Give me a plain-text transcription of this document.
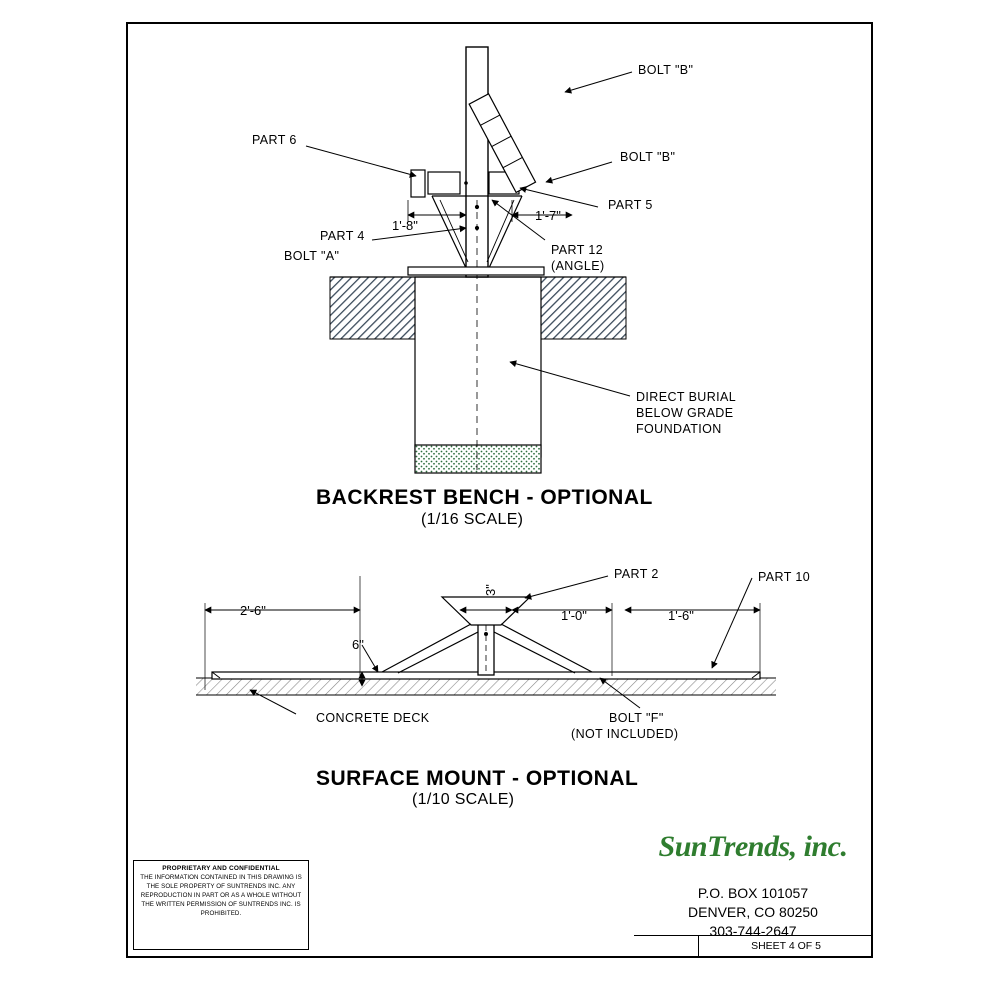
BOLT "B"
BOLT "B"
PART 6
PART 5
PART 4
BOLT "A"	PART 12
(ANGLE)
DIRECT BURIAL
BELOW GRADE
FOUNDATION
1'-8"
1'-7"
BACKREST BENCH - OPTIONAL
(1/16 SCALE)
PART 2	PART 10
CONCRETE DECK	BOLT "F"
(NOT INCLUDED)
2'-6"
3"
6"
1'-0"	1'-6"
SURFACE MOUNT - OPTIONAL
(1/10 SCALE)
PROPRIETARY AND CONFIDENTIAL
THE INFORMATION CONTAINED IN THIS DRAWING IS THE SOLE PROPERTY OF SUNTRENDS INC. ANY REPRODUCTION IN PART OR AS A WHOLE WITHOUT THE WRITTEN PERMISSION OF SUNTRENDS INC. IS PROHIBITED.
SunTrends, inc.
P.O. BOX 101057
DENVER, CO 80250
303-744-2647
SHEET 4 OF 5
